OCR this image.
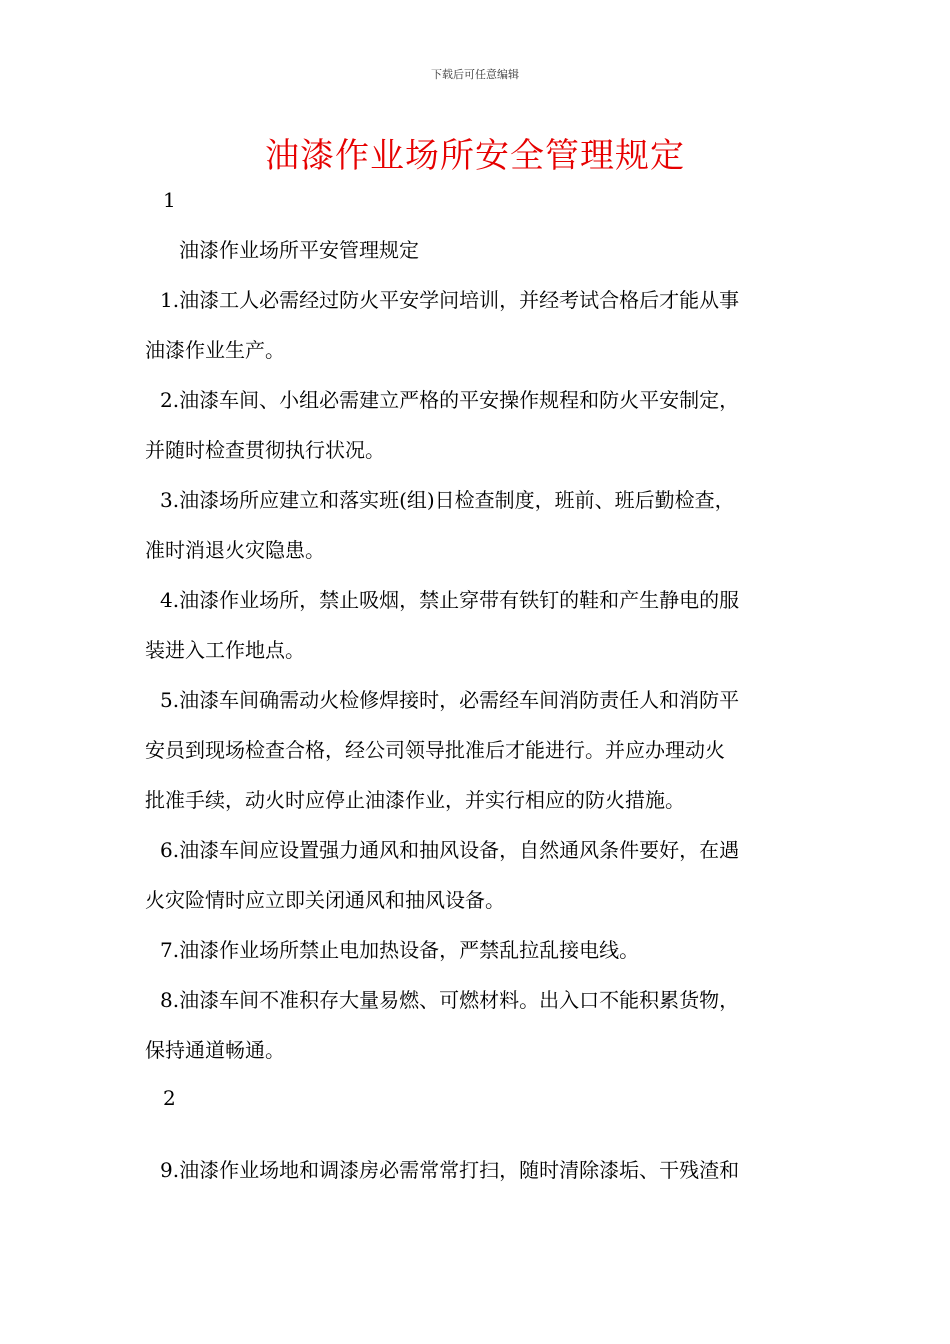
下载后可任意编辑
油漆作业场所安全管理规定
1
油漆作业场所平安管理规定
1.油漆工人必需经过防火平安学问培训，并经考试合格后才能从事
油漆作业生产。
2.油漆车间、小组必需建立严格的平安操作规程和防火平安制定，
并随时检查贯彻执行状况。
3.油漆场所应建立和落实班(组)日检查制度，班前、班后勤检查，
准时消退火灾隐患。
4.油漆作业场所，禁止吸烟，禁止穿带有铁钉的鞋和产生静电的服
装进入工作地点。
5.油漆车间确需动火检修焊接时，必需经车间消防责任人和消防平
安员到现场检查合格，经公司领导批准后才能进行。并应办理动火
批准手续，动火时应停止油漆作业，并实行相应的防火措施。
6.油漆车间应设置强力通风和抽风设备，自然通风条件要好，在遇
火灾险情时应立即关闭通风和抽风设备。
7.油漆作业场所禁止电加热设备，严禁乱拉乱接电线。
8.油漆车间不准积存大量易燃、可燃材料。出入口不能积累货物，
保持通道畅通。
2
9.油漆作业场地和调漆房必需常常打扫，随时清除漆垢、干残渣和
